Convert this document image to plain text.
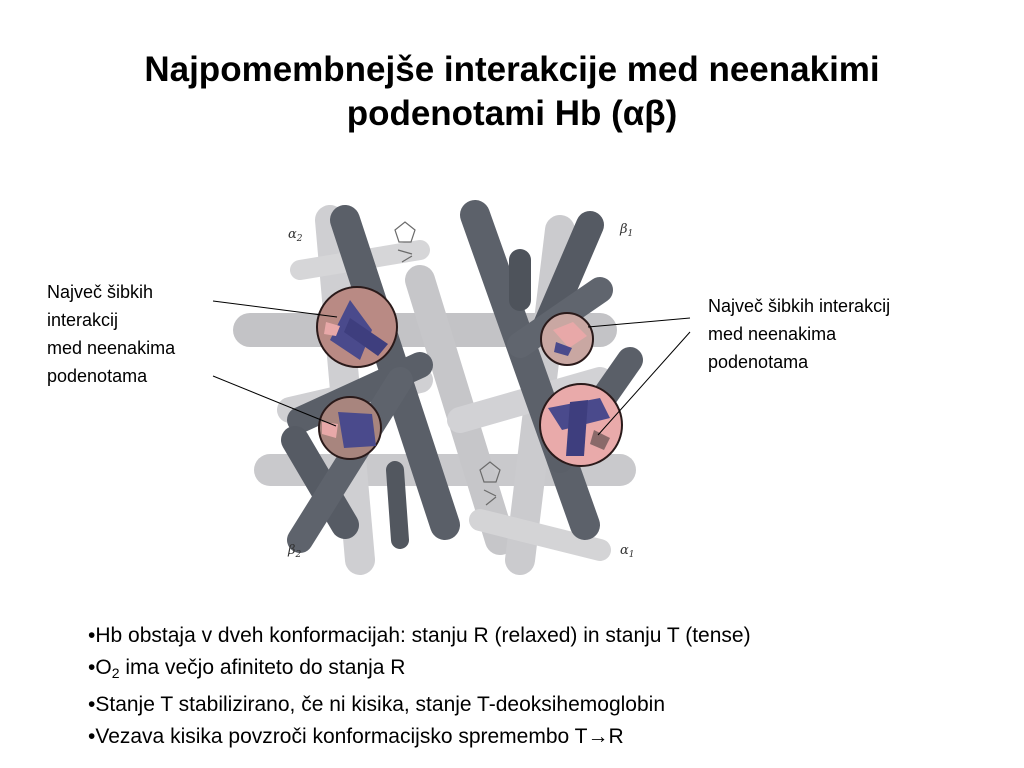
Najpomembnejše interakcije med neenakimi
podenotami Hb (αβ)
$\alpha_2$
$\beta_1$
$\beta_2$	$\alpha_1$
Največ šibkih
interakcij
med neenakima
podenotama
Največ šibkih interakcij
med neenakima
podenotama
•Hb obstaja v dveh konformacijah: stanju R (relaxed) in stanju T (tense)
$•O_2$ ima večjo afiniteto do stanja R
•Stanje T stabilizirano, če ni kisika, stanje T-deoksihemoglobin
•Vezava kisika povzroči konformacijsko spremembo T→R
